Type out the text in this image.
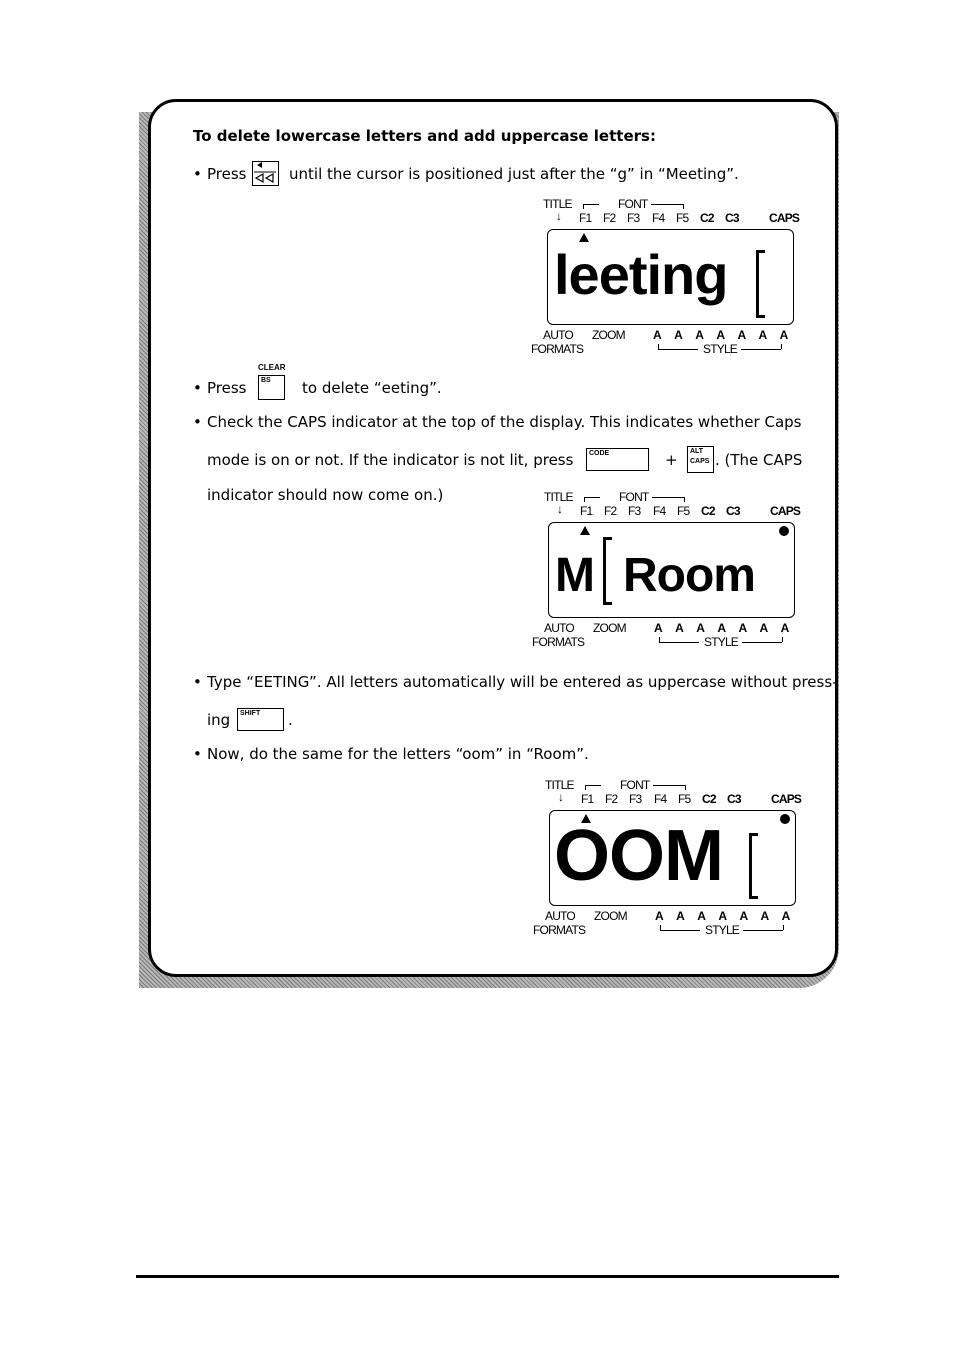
To delete lowercase letters and add uppercase letters:
• Press	until the cursor is positioned just after the “g” in “Meeting”.
TITLE	FONT
↓ F1 F2 F3 F4 F5 C2 C3	CAPS
leeting
AUTO ZOOM A A A A A A A
FORMATS	STYLE
CLEAR
• Press	to delete “eeting”.
BS
• Check the CAPS indicator at the top of the display. This indicates whether Caps
mode is on or not. If the indicator is not lit, press	+ . (The CAPS
CODE	ALT
CAPS
indicator should now come on.)	TITLE	FONT
↓ F1 F2 F3 F4 F5 C2 C3	CAPS
M Room
AUTO ZOOM A A A A A A A
FORMATS	STYLE
• Type “EETING”. All letters automatically will be entered as uppercase without press-
ing	.
SHIFT
• Now, do the same for the letters “oom” in “Room”.
TITLE	FONT
↓ F1 F2 F3 F4 F5 C2 C3	CAPS
OOM
AUTO ZOOM A A A A A A A
FORMATS	STYLE
